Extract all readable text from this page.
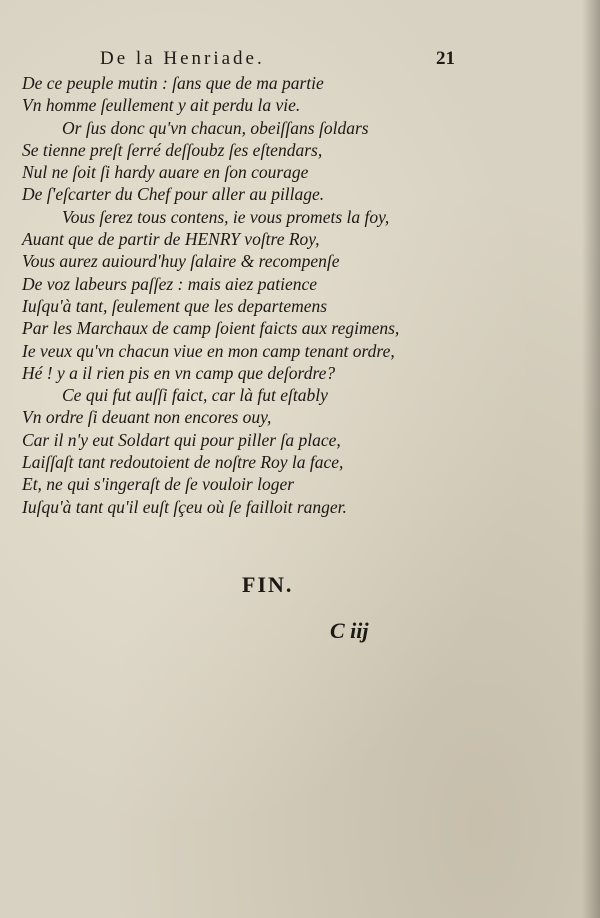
De la Henriade.	21
De ce peuple mutin : ſans que de ma partie
Vn homme ſeullement y ait perdu la vie.
Or ſus donc qu'vn chacun, obeiſſans ſoldars
Se tienne preſt ſerré deſſoubz ſes eſtendars,
Nul ne ſoit ſi hardy auare en ſon courage
De ſ'eſcarter du Chef pour aller au pillage.
Vous ſerez tous contens, ie vous promets la foy,
Auant que de partir de HENRY voſtre Roy,
Vous aurez auiourd'huy ſalaire & recompenſe
De voz labeurs paſſez : mais aiez patience
Iuſqu'à tant, ſeulement que les departemens
Par les Marchaux de camp ſoient faicts aux regimens,
Ie veux qu'vn chacun viue en mon camp tenant ordre,
Hé ! y a il rien pis en vn camp que deſordre?
Ce qui fut auſſi faict, car là fut eſtably
Vn ordre ſi deuant non encores ouy,
Car il n'y eut Soldart qui pour piller ſa place,
Laiſſaſt tant redoutoient de noſtre Roy la face,
Et, ne qui s'ingeraſt de ſe vouloir loger
Iuſqu'à tant qu'il euſt ſçeu où ſe failloit ranger.
FIN.
C iij
